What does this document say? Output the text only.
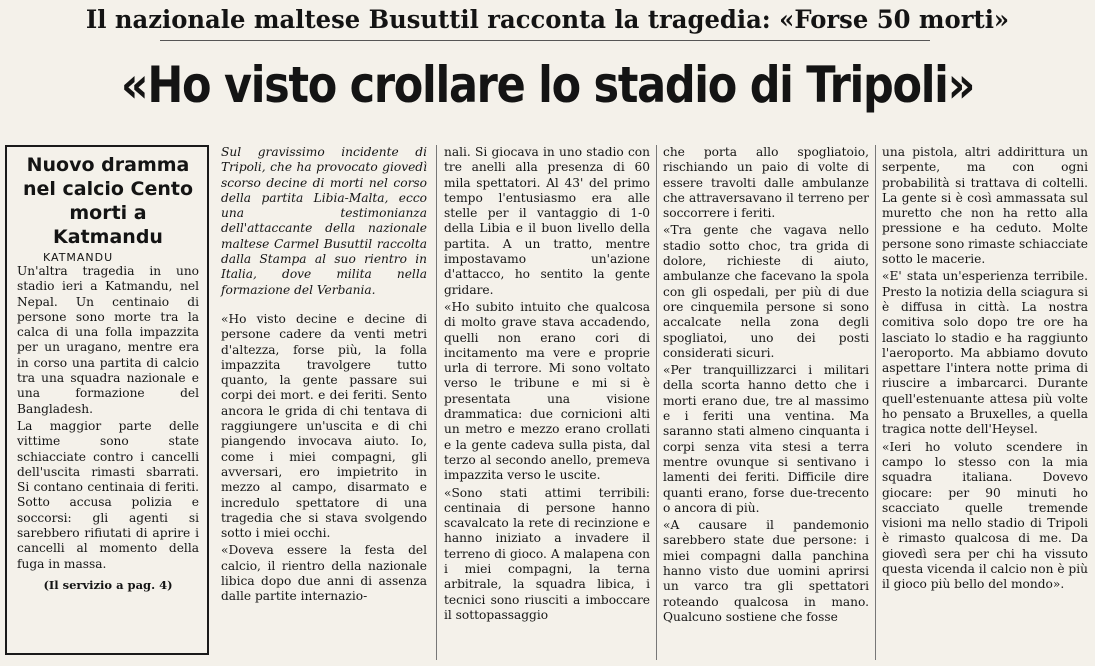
Il nazionale maltese Busuttil racconta la tragedia: «Forse 50 morti»
«Ho visto crollare lo stadio di Tripoli»
Nuovo dramma nel calcio Cento morti a Katmandu
KATMANDU

Un'altra tragedia in uno stadio ieri a Katmandu, nel Nepal. Un centinaio di persone sono morte tra la calca di una folla impazzita per un uragano, mentre era in corso una partita di calcio tra una squadra nazionale e una formazione del Bangladesh.

La maggior parte delle vittime sono state schiacciate contro i cancelli dell'uscita rimasti sbarrati. Si contano centinaia di feriti. Sotto accusa polizia e soccorsi: gli agenti si sarebbero rifiutati di aprire i cancelli al momento della fuga in massa.

(Il servizio a pag. 4)

Sul gravissimo incidente di Tripoli, che ha provocato giovedì scorso decine di morti nel corso della partita Libia-Malta, ecco una testimonianza dell'attaccante della nazionale maltese Carmel Busuttil raccolta dalla Stampa al suo rientro in Italia, dove milita nella formazione del Verbania.

«Ho visto decine e decine di persone cadere da venti metri d'altezza, forse più, la folla impazzita travolgere tutto quanto, la gente passare sui corpi dei mort. e dei feriti. Sento ancora le grida di chi tentava di raggiungere un'uscita e di chi piangendo invocava aiuto. Io, come i miei compagni, gli avversari, ero impietrito in mezzo al campo, disarmato e incredulo spettatore di una tragedia che si stava svolgendo sotto i miei occhi.

«Doveva essere la festa del calcio, il rientro della nazionale libica dopo due anni di assenza dalle partite internazio-

nali. Si giocava in uno stadio con tre anelli alla presenza di 60 mila spettatori. Al 43' del primo tempo l'entusiasmo era alle stelle per il vantaggio di 1-0 della Libia e il buon livello della partita. A un tratto, mentre impostavamo un'azione d'attacco, ho sentito la gente gridare.

«Ho subito intuito che qualcosa di molto grave stava accadendo, quelli non erano cori di incitamento ma vere e proprie urla di terrore. Mi sono voltato verso le tribune e mi si è presentata una visione drammatica: due cornicioni alti un metro e mezzo erano crollati e la gente cadeva sulla pista, dal terzo al secondo anello, premeva impazzita verso le uscite.

«Sono stati attimi terribili: centinaia di persone hanno scavalcato la rete di recinzione e hanno iniziato a invadere il terreno di gioco. A malapena con i miei compagni, la terna arbitrale, la squadra libica, i tecnici sono riusciti a imboccare il sottopassaggio

che porta allo spogliatoio, rischiando un paio di volte di essere travolti dalle ambulanze che attraversavano il terreno per soccorrere i feriti.

«Tra gente che vagava nello stadio sotto choc, tra grida di dolore, richieste di aiuto, ambulanze che facevano la spola con gli ospedali, per più di due ore cinquemila persone si sono accalcate nella zona degli spogliatoi, uno dei posti considerati sicuri.

«Per tranquillizzarci i militari della scorta hanno detto che i morti erano due, tre al massimo e i feriti una ventina. Ma saranno stati almeno cinquanta i corpi senza vita stesi a terra mentre ovunque si sentivano i lamenti dei feriti. Difficile dire quanti erano, forse due-trecento o ancora di più.

«A causare il pandemonio sarebbero state due persone: i miei compagni dalla panchina hanno visto due uomini aprirsi un varco tra gli spettatori roteando qualcosa in mano. Qualcuno sostiene che fosse

una pistola, altri addirittura un serpente, ma con ogni probabilità si trattava di coltelli. La gente si è così ammassata sul muretto che non ha retto alla pressione e ha ceduto. Molte persone sono rimaste schiacciate sotto le macerie.

«E' stata un'esperienza terribile. Presto la notizia della sciagura si è diffusa in città. La nostra comitiva solo dopo tre ore ha lasciato lo stadio e ha raggiunto l'aeroporto. Ma abbiamo dovuto aspettare l'intera notte prima di riuscire a imbarcarci. Durante quell'estenuante attesa più volte ho pensato a Bruxelles, a quella tragica notte dell'Heysel.

«Ieri ho voluto scendere in campo lo stesso con la mia squadra italiana. Dovevo giocare: per 90 minuti ho scacciato quelle tremende visioni ma nello stadio di Tripoli è rimasto qualcosa di me. Da giovedì sera per chi ha vissuto questa vicenda il calcio non è più il gioco più bello del mondo».
